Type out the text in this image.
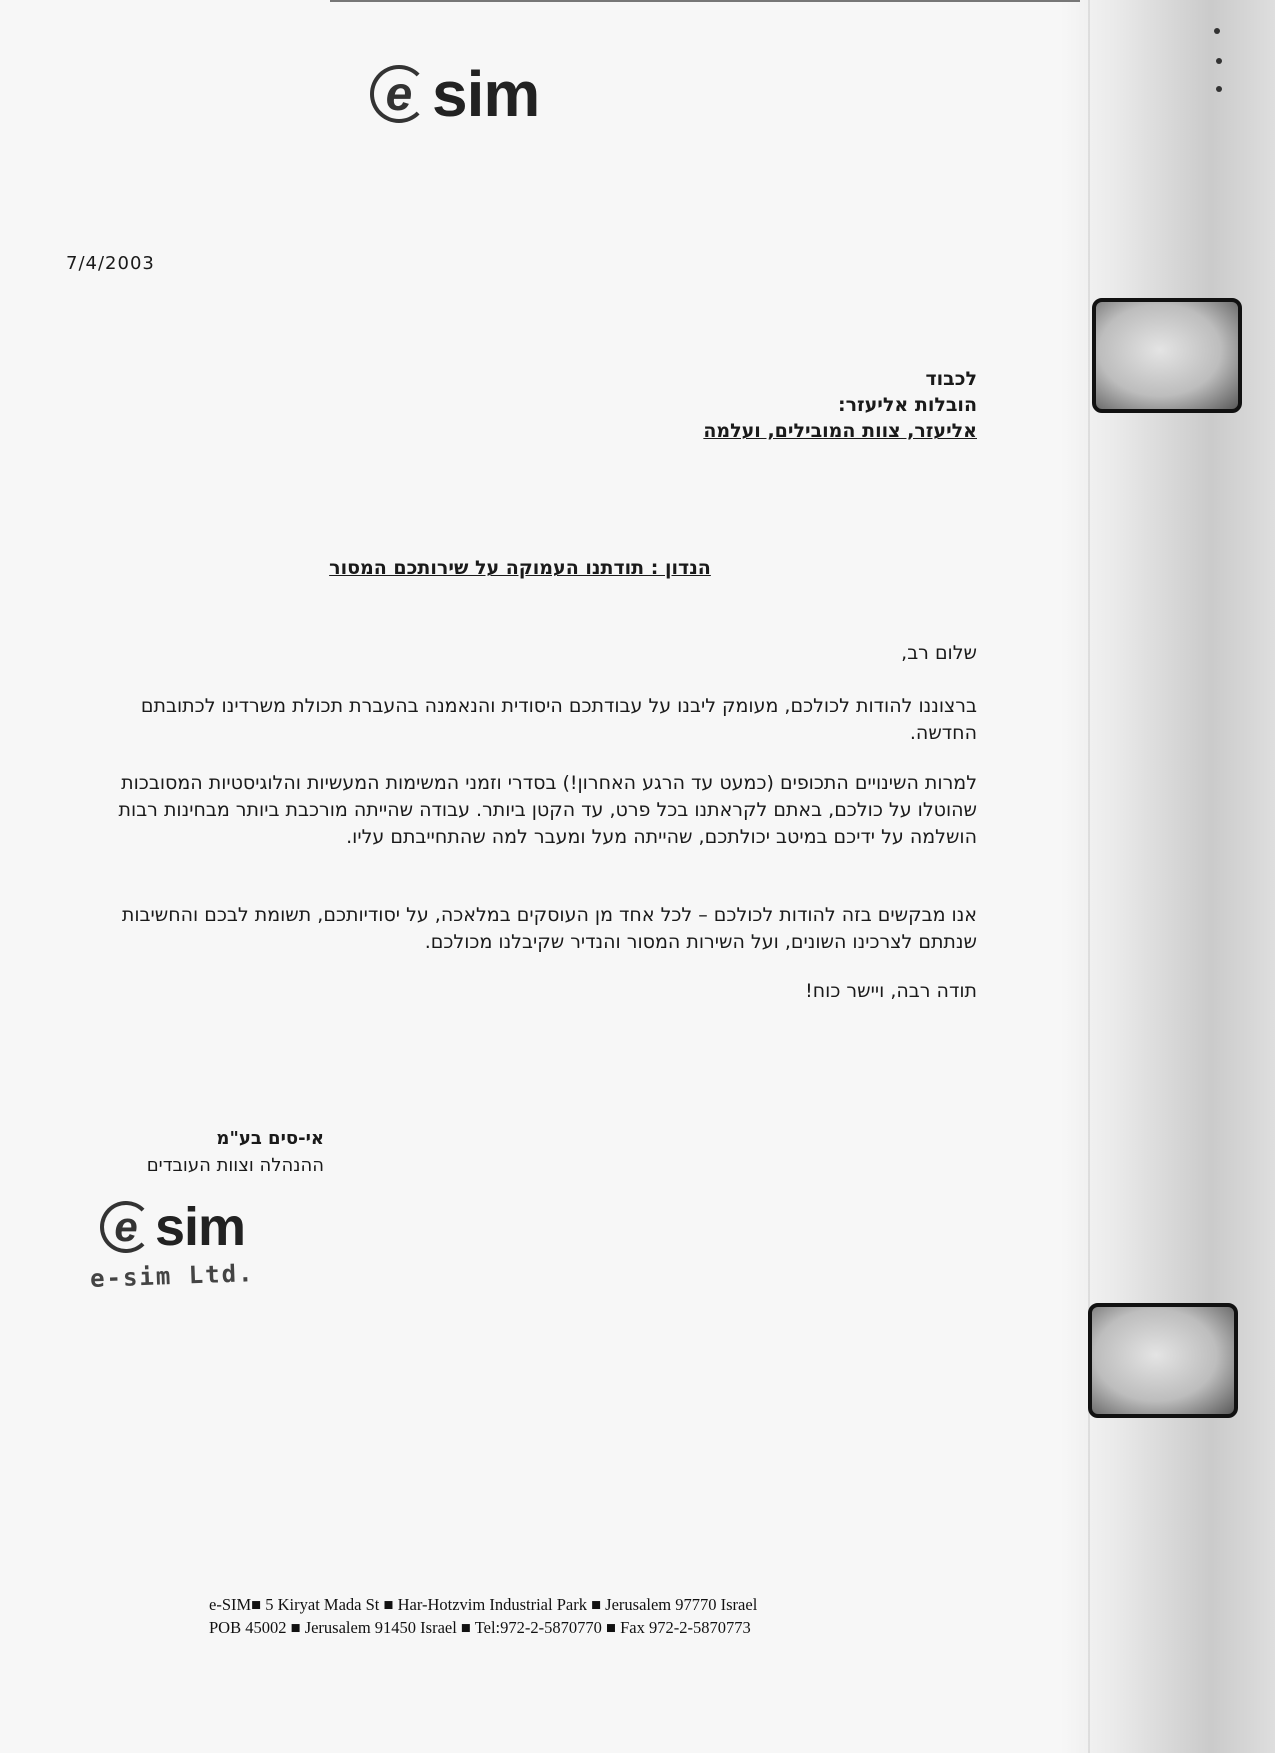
e sim
7/4/2003
לכבוד
הובלות אליעזר:
אליעזר, צוות המובילים, ועלמה
הנדון : תודתנו העמוקה על שירותכם המסור
שלום רב,
ברצוננו להודות לכולכם, מעומק ליבנו על עבודתכם היסודית והנאמנה בהעברת תכולת משרדינו לכתובתם החדשה.
למרות השינויים התכופים (כמעט עד הרגע האחרון!) בסדרי וזמני המשימות המעשיות והלוגיסטיות המסובכות שהוטלו על כולכם, באתם לקראתנו בכל פרט, עד הקטן ביותר. עבודה שהייתה מורכבת ביותר מבחינות רבות הושלמה על ידיכם במיטב יכולתכם, שהייתה מעל ומעבר למה שהתחייבתם עליו.
אנו מבקשים בזה להודות לכולכם – לכל אחד מן העוסקים במלאכה, על יסודיותכם, תשומת לבכם והחשיבות שנתתם לצרכינו השונים, ועל השירות המסור והנדיר שקיבלנו מכולכם.
תודה רבה, ויישר כוח!
אי-סים בע"מ
ההנהלה וצוות העובדים
e sim
e-sim Ltd.
e-SIM■ 5 Kiryat Mada St ■ Har-Hotzvim Industrial Park ■ Jerusalem 97770 Israel
POB 45002 ■ Jerusalem 91450 Israel ■ Tel:972-2-5870770 ■ Fax 972-2-5870773
